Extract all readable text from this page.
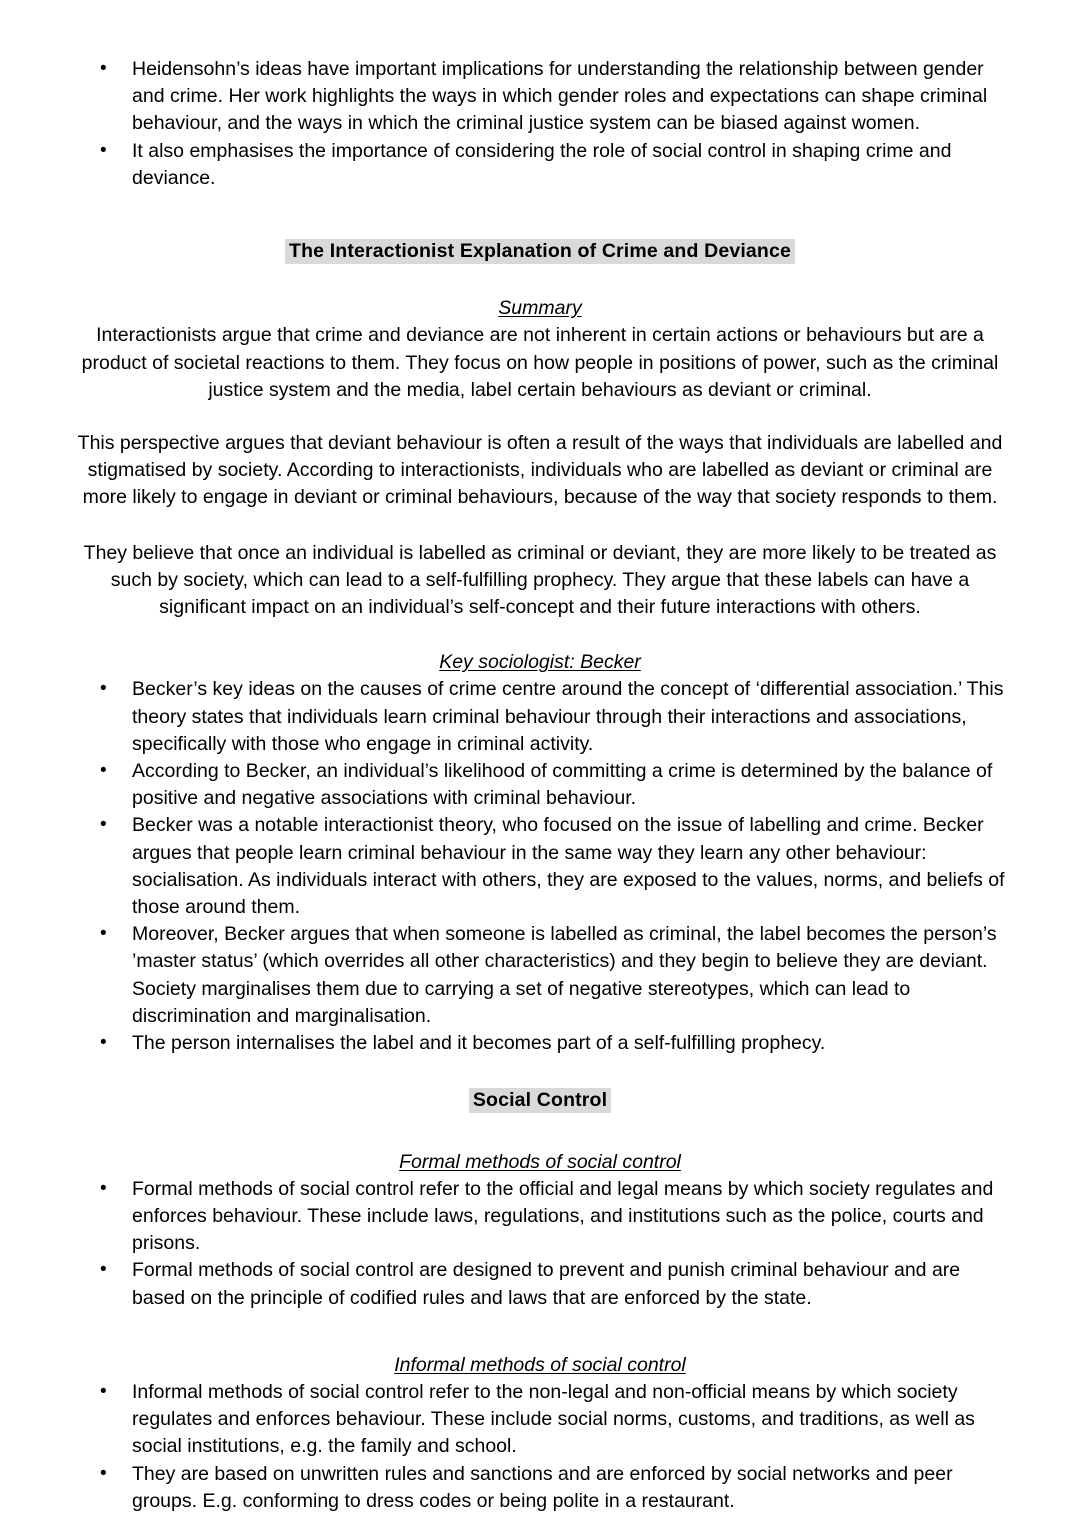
• Heidensohn’s ideas have important implications for understanding the relationship between gender and crime. Her work highlights the ways in which gender roles and expectations can shape criminal behaviour, and the ways in which the criminal justice system can be biased against women.
• It also emphasises the importance of considering the role of social control in shaping crime and deviance.
The Interactionist Explanation of Crime and Deviance
Summary

Interactionists argue that crime and deviance are not inherent in certain actions or behaviours but are a product of societal reactions to them. They focus on how people in positions of power, such as the criminal justice system and the media, label certain behaviours as deviant or criminal.

This perspective argues that deviant behaviour is often a result of the ways that individuals are labelled and stigmatised by society. According to interactionists, individuals who are labelled as deviant or criminal are more likely to engage in deviant or criminal behaviours, because of the way that society responds to them.

They believe that once an individual is labelled as criminal or deviant, they are more likely to be treated as such by society, which can lead to a self-fulfilling prophecy. They argue that these labels can have a significant impact on an individual’s self-concept and their future interactions with others.

Key sociologist: Becker
• Becker’s key ideas on the causes of crime centre around the concept of ‘differential association.’ This theory states that individuals learn criminal behaviour through their interactions and associations, specifically with those who engage in criminal activity.
• According to Becker, an individual’s likelihood of committing a crime is determined by the balance of positive and negative associations with criminal behaviour.
• Becker was a notable interactionist theory, who focused on the issue of labelling and crime. Becker argues that people learn criminal behaviour in the same way they learn any other behaviour: socialisation. As individuals interact with others, they are exposed to the values, norms, and beliefs of those around them.
• Moreover, Becker argues that when someone is labelled as criminal, the label becomes the person’s ’master status’ (which overrides all other characteristics) and they begin to believe they are deviant. Society marginalises them due to carrying a set of negative stereotypes, which can lead to discrimination and marginalisation.
• The person internalises the label and it becomes part of a self-fulfilling prophecy.
Social Control
Formal methods of social control
• Formal methods of social control refer to the official and legal means by which society regulates and enforces behaviour. These include laws, regulations, and institutions such as the police, courts and prisons.
• Formal methods of social control are designed to prevent and punish criminal behaviour and are based on the principle of codified rules and laws that are enforced by the state.
Informal methods of social control
• Informal methods of social control refer to the non-legal and non-official means by which society regulates and enforces behaviour. These include social norms, customs, and traditions, as well as social institutions, e.g. the family and school.
• They are based on unwritten rules and sanctions and are enforced by social networks and peer groups. E.g. conforming to dress codes or being polite in a restaurant.
